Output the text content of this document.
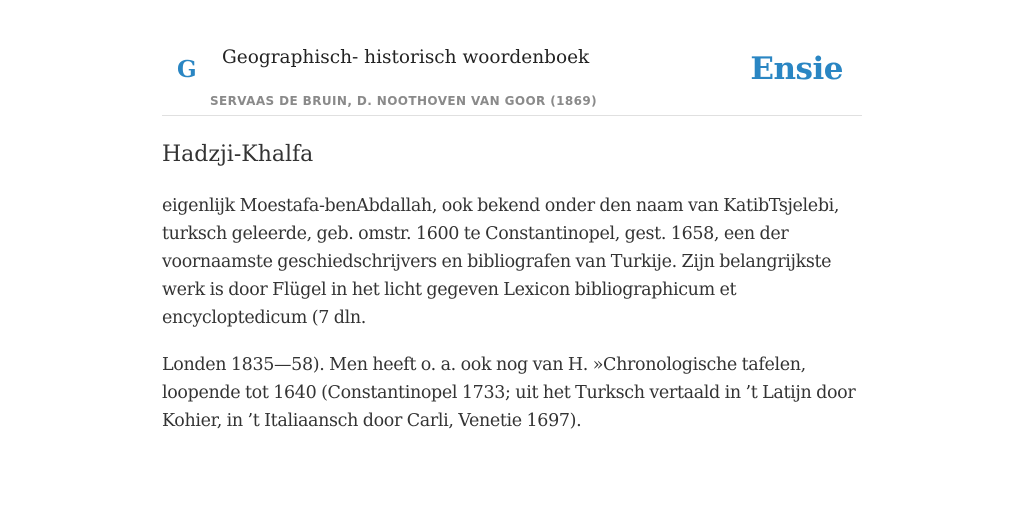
G Geographisch- historisch woordenboek
SERVAAS DE BRUIN, D. NOOTHOVEN VAN GOOR (1869)
Ensie
Hadzji-Khalfa

eigenlijk Moestafa-benAbdallah, ook bekend onder den naam van KatibTsjelebi, turksch geleerde, geb. omstr. 1600 te Constantinopel, gest. 1658, een der voornaamste geschiedschrijvers en bibliografen van Turkije. Zijn belangrijkste werk is door Flügel in het licht gegeven Lexicon bibliographicum et encycloptedicum (7 dln.

Londen 1835—58). Men heeft o. a. ook nog van H. »Chronologische tafelen, loopende tot 1640 (Constantinopel 1733; uit het Turksch vertaald in ’t Latijn door Kohier, in ’t Italiaansch door Carli, Venetie 1697).
